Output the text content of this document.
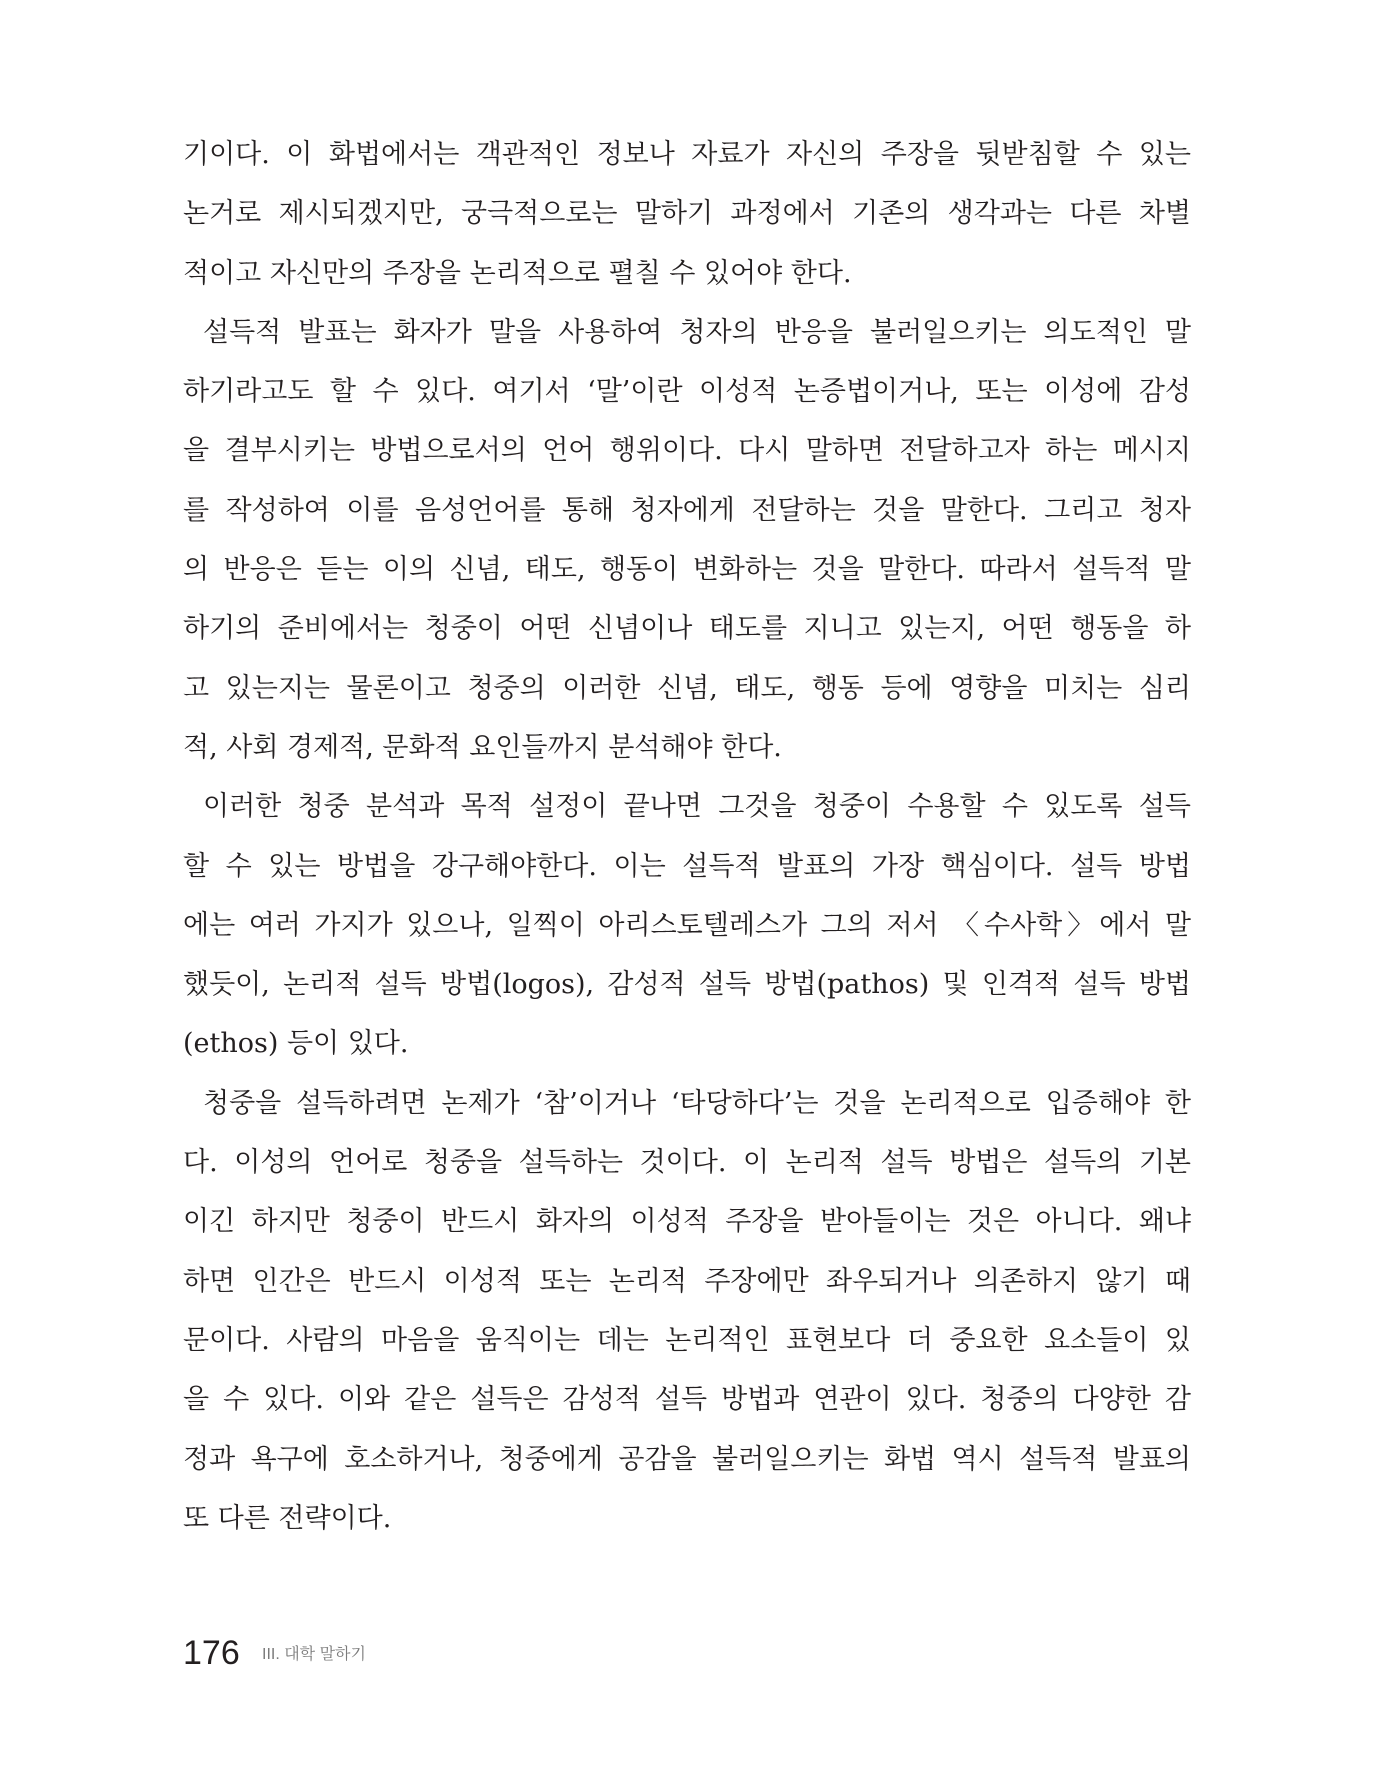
기이다. 이 화법에서는 객관적인 정보나 자료가 자신의 주장을 뒷받침할 수 있는
논거로 제시되겠지만, 궁극적으로는 말하기 과정에서 기존의 생각과는 다른 차별
적이고 자신만의 주장을 논리적으로 펼칠 수 있어야 한다.
설득적 발표는 화자가 말을 사용하여 청자의 반응을 불러일으키는 의도적인 말
하기라고도 할 수 있다. 여기서 ‘말’이란 이성적 논증법이거나, 또는 이성에 감성
을 결부시키는 방법으로서의 언어 행위이다. 다시 말하면 전달하고자 하는 메시지
를 작성하여 이를 음성언어를 통해 청자에게 전달하는 것을 말한다. 그리고 청자
의 반응은 듣는 이의 신념, 태도, 행동이 변화하는 것을 말한다. 따라서 설득적 말
하기의 준비에서는 청중이 어떤 신념이나 태도를 지니고 있는지, 어떤 행동을 하
고 있는지는 물론이고 청중의 이러한 신념, 태도, 행동 등에 영향을 미치는 심리
적, 사회 경제적, 문화적 요인들까지 분석해야 한다.
이러한 청중 분석과 목적 설정이 끝나면 그것을 청중이 수용할 수 있도록 설득
할 수 있는 방법을 강구해야한다. 이는 설득적 발표의 가장 핵심이다. 설득 방법
에는 여러 가지가 있으나, 일찍이 아리스토텔레스가 그의 저서 〈수사학〉에서 말
했듯이, 논리적 설득 방법(logos), 감성적 설득 방법(pathos) 및 인격적 설득 방법
(ethos) 등이 있다.
청중을 설득하려면 논제가 ‘참’이거나 ‘타당하다’는 것을 논리적으로 입증해야 한
다. 이성의 언어로 청중을 설득하는 것이다. 이 논리적 설득 방법은 설득의 기본
이긴 하지만 청중이 반드시 화자의 이성적 주장을 받아들이는 것은 아니다. 왜냐
하면 인간은 반드시 이성적 또는 논리적 주장에만 좌우되거나 의존하지 않기 때
문이다. 사람의 마음을 움직이는 데는 논리적인 표현보다 더 중요한 요소들이 있
을 수 있다. 이와 같은 설득은 감성적 설득 방법과 연관이 있다. 청중의 다양한 감
정과 욕구에 호소하거나, 청중에게 공감을 불러일으키는 화법 역시 설득적 발표의
또 다른 전략이다.
176 III. 대학 말하기
